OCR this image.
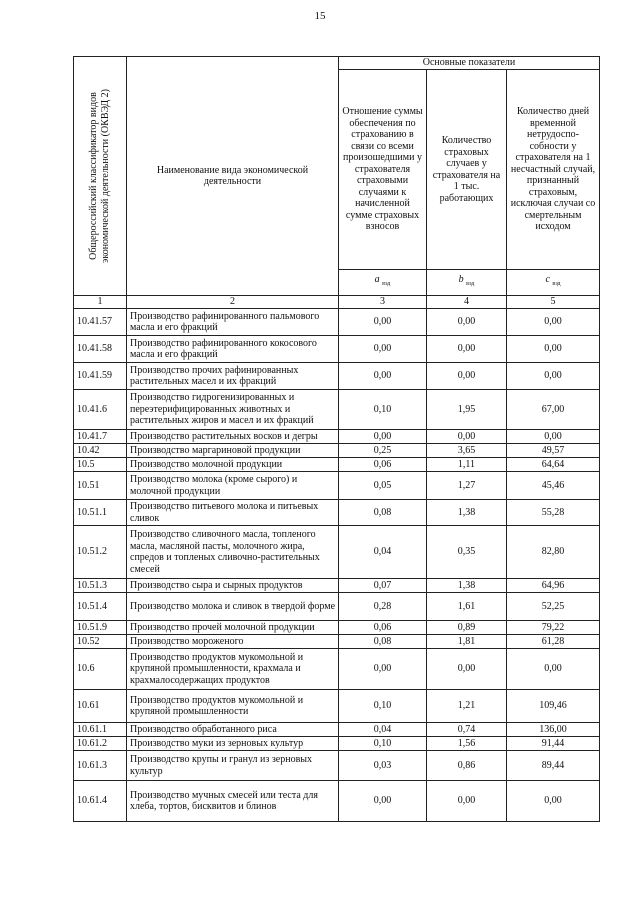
15
Общероссийский классификатор видов экономической деятельности (ОКВЭД 2)	Наименование вида экономической деятельности	Основные показатели		
		Отношение суммы обеспечения по страхованию в связи со всеми произошедшими у страхователя страховыми случаями к начисленной сумме страховых взносов	Количество страховых случаев у страхователя на 1 тыс. работающих	Количество дней временной нетрудоспо-собности у страхователя на 1 несчастный случай, признанный страховым, исключая случаи со смертельным исходом
		а $_{вэд}$	b $_{вэд}$	с $_{вэд}$
1	2	3	4	5
10.41.57	Производство рафинированного пальмового масла и его фракций	0,00	0,00	0,00
10.41.58	Производство рафинированного кокосового масла и его фракций	0,00	0,00	0,00
10.41.59	Производство прочих рафинированных растительных масел и их фракций	0,00	0,00	0,00
10.41.6	Производство гидрогенизированных и переэтерифицированных животных и растительных жиров и масел и их фракций	0,10	1,95	67,00
10.41.7	Производство растительных восков и дегры	0,00	0,00	0,00
10.42	Производство маргариновой продукции	0,25	3,65	49,57
10.5	Производство молочной продукции	0,06	1,11	64,64
10.51	Производство молока (кроме сырого) и молочной продукции	0,05	1,27	45,46
10.51.1	Производство питьевого молока и питьевых сливок	0,08	1,38	55,28
10.51.2	Производство сливочного масла, топленого масла, масляной пасты, молочного жира, спредов и топленых сливочно-растительных смесей	0,04	0,35	82,80
10.51.3	Производство сыра и сырных продуктов	0,07	1,38	64,96
10.51.4	Производство молока и сливок в твердой форме	0,28	1,61	52,25
10.51.9	Производство прочей молочной продукции	0,06	0,89	79,22
10.52	Производство мороженого	0,08	1,81	61,28
10.6	Производство продуктов мукомольной и крупяной промышленности, крахмала и крахмалосодержащих продуктов	0,00	0,00	0,00
10.61	Производство продуктов мукомольной и крупяной промышленности	0,10	1,21	109,46
10.61.1	Производство обработанного риса	0,04	0,74	136,00
10.61.2	Производство муки из зерновых культур	0,10	1,56	91,44
10.61.3	Производство крупы и гранул из зерновых культур	0,03	0,86	89,44
10.61.4	Производство мучных смесей или теста для хлеба, тортов, бисквитов и блинов	0,00	0,00	0,00
